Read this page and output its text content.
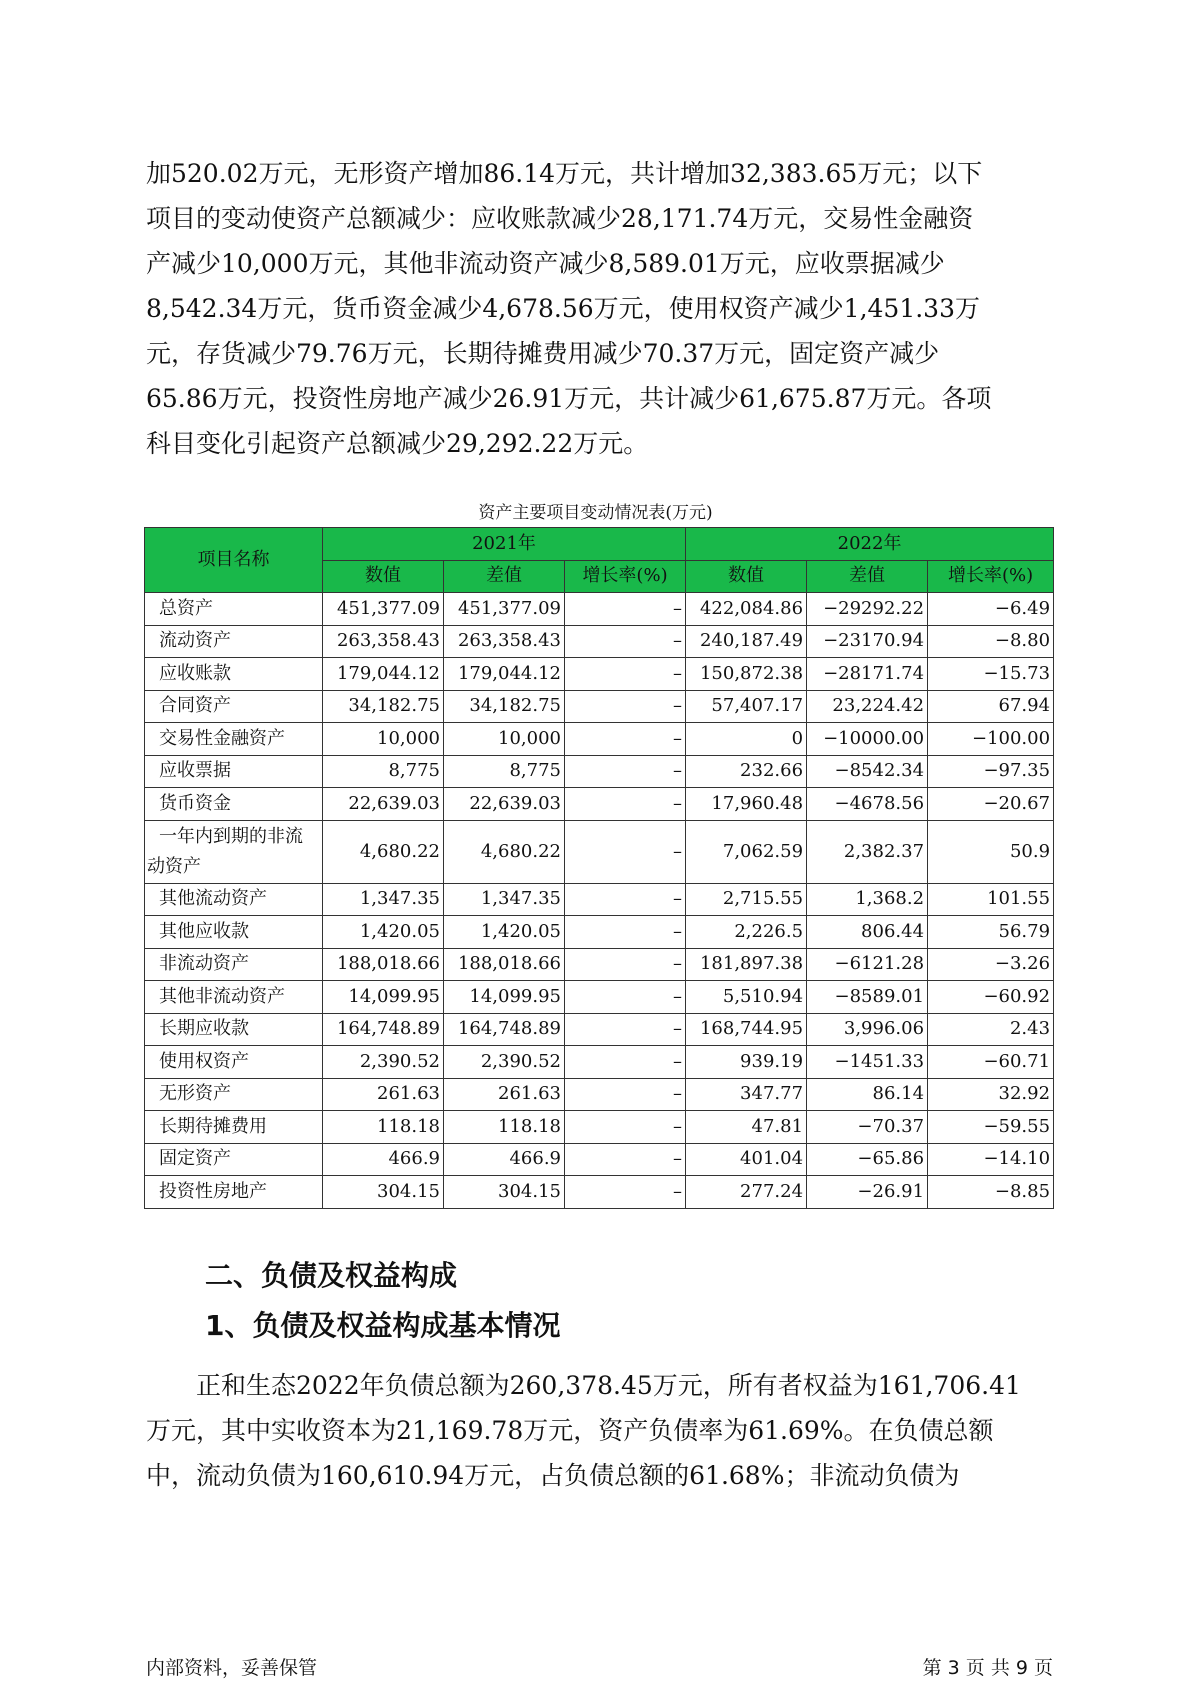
加520.02万元，无形资产增加86.14万元，共计增加32,383.65万元；以下
项目的变动使资产总额减少：应收账款减少28,171.74万元，交易性金融资
产减少10,000万元，其他非流动资产减少8,589.01万元，应收票据减少
8,542.34万元，货币资金减少4,678.56万元，使用权资产减少1,451.33万
元，存货减少79.76万元，长期待摊费用减少70.37万元，固定资产减少
65.86万元，投资性房地产减少26.91万元，共计减少61,675.87万元。各项
科目变化引起资产总额减少29,292.22万元。
资产主要项目变动情况表(万元)
项目名称	2021年			2022年		
	数值	差值	增长率(%)	数值	差值	增长率(%)
总资产	451,377.09	451,377.09	–	422,084.86	−29292.22	−6.49
流动资产	263,358.43	263,358.43	–	240,187.49	−23170.94	−8.80
应收账款	179,044.12	179,044.12	–	150,872.38	−28171.74	−15.73
合同资产	34,182.75	34,182.75	–	57,407.17	23,224.42	67.94
交易性金融资产	10,000	10,000	–	0	−10000.00	−100.00
应收票据	8,775	8,775	–	232.66	−8542.34	−97.35
货币资金	22,639.03	22,639.03	–	17,960.48	−4678.56	−20.67
一年内到期的非流动资产	4,680.22	4,680.22	–	7,062.59	2,382.37	50.9
其他流动资产	1,347.35	1,347.35	–	2,715.55	1,368.2	101.55
其他应收款	1,420.05	1,420.05	–	2,226.5	806.44	56.79
非流动资产	188,018.66	188,018.66	–	181,897.38	−6121.28	−3.26
其他非流动资产	14,099.95	14,099.95	–	5,510.94	−8589.01	−60.92
长期应收款	164,748.89	164,748.89	–	168,744.95	3,996.06	2.43
使用权资产	2,390.52	2,390.52	–	939.19	−1451.33	−60.71
无形资产	261.63	261.63	–	347.77	86.14	32.92
长期待摊费用	118.18	118.18	–	47.81	−70.37	−59.55
固定资产	466.9	466.9	–	401.04	−65.86	−14.10
投资性房地产	304.15	304.15	–	277.24	−26.91	−8.85
二、负债及权益构成
1、负债及权益构成基本情况
正和生态2022年负债总额为260,378.45万元，所有者权益为161,706.41
万元，其中实收资本为21,169.78万元，资产负债率为61.69%。在负债总额
中，流动负债为160,610.94万元，占负债总额的61.68%；非流动负债为
内部资料，妥善保管	第 3 页 共 9 页
